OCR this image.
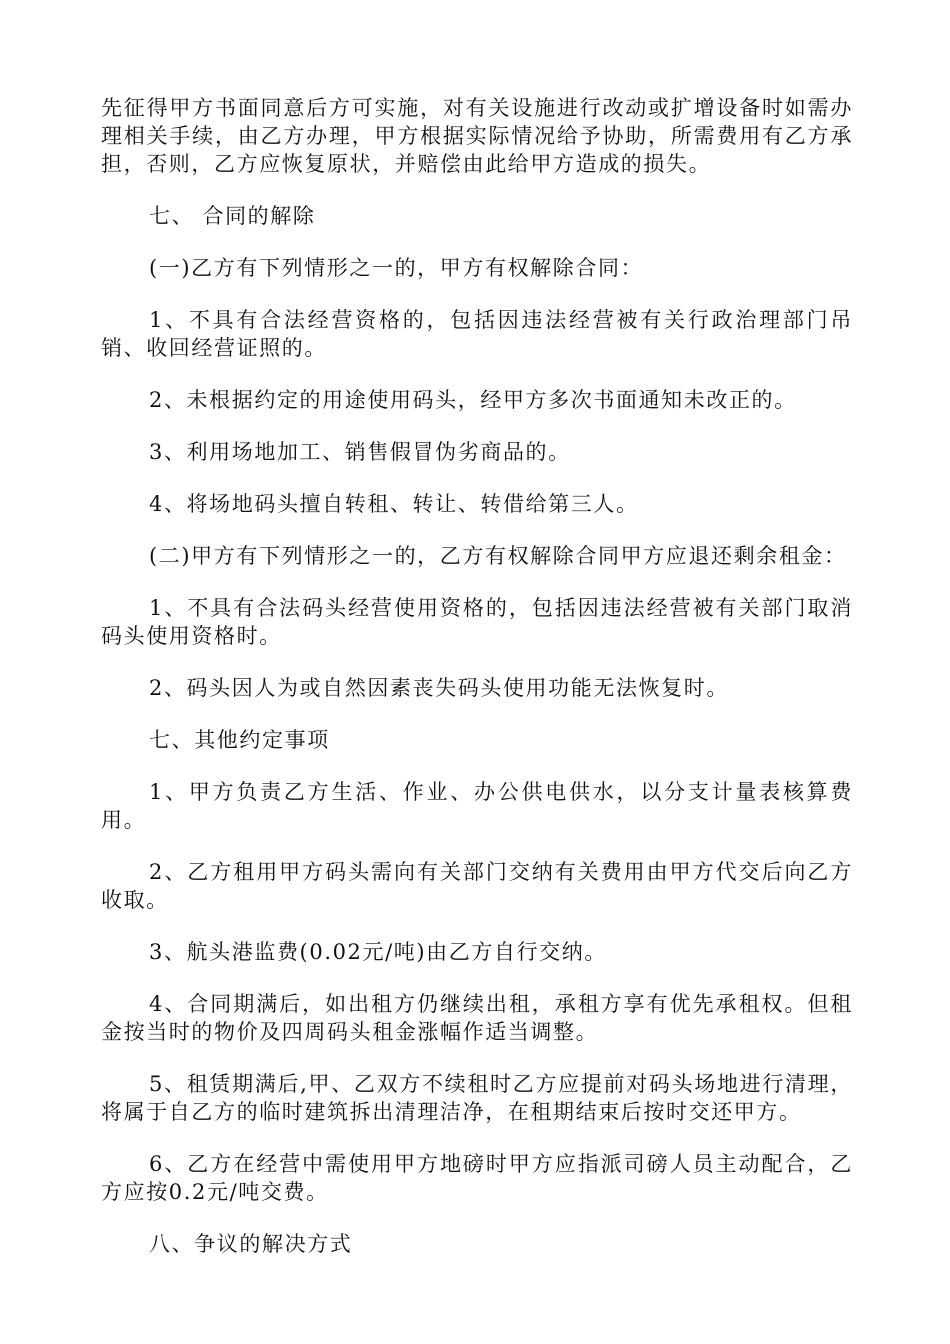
先征得甲方书面同意后方可实施，对有关设施进行改动或扩增设备时如需办理相关手续，由乙方办理，甲方根据实际情况给予协助，所需费用有乙方承担，否则，乙方应恢复原状，并赔偿由此给甲方造成的损失。

七、 合同的解除

(一)乙方有下列情形之一的，甲方有权解除合同：

1、不具有合法经营资格的，包括因违法经营被有关行政治理部门吊销、收回经营证照的。

2、未根据约定的用途使用码头，经甲方多次书面通知未改正的。

3、利用场地加工、销售假冒伪劣商品的。

4、将场地码头擅自转租、转让、转借给第三人。

(二)甲方有下列情形之一的，乙方有权解除合同甲方应退还剩余租金：

1、不具有合法码头经营使用资格的，包括因违法经营被有关部门取消码头使用资格时。

2、码头因人为或自然因素丧失码头使用功能无法恢复时。

七、其他约定事项

1、甲方负责乙方生活、作业、办公供电供水，以分支计量表核算费用。

2、乙方租用甲方码头需向有关部门交纳有关费用由甲方代交后向乙方收取。

3、航头港监费(0.02元/吨)由乙方自行交纳。

4、合同期满后，如出租方仍继续出租，承租方享有优先承租权。但租金按当时的物价及四周码头租金涨幅作适当调整。

5、租赁期满后,甲、乙双方不续租时乙方应提前对码头场地进行清理，将属于自乙方的临时建筑拆出清理洁净，在租期结束后按时交还甲方。

6、乙方在经营中需使用甲方地磅时甲方应指派司磅人员主动配合，乙方应按0.2元/吨交费。

八、争议的解决方式
